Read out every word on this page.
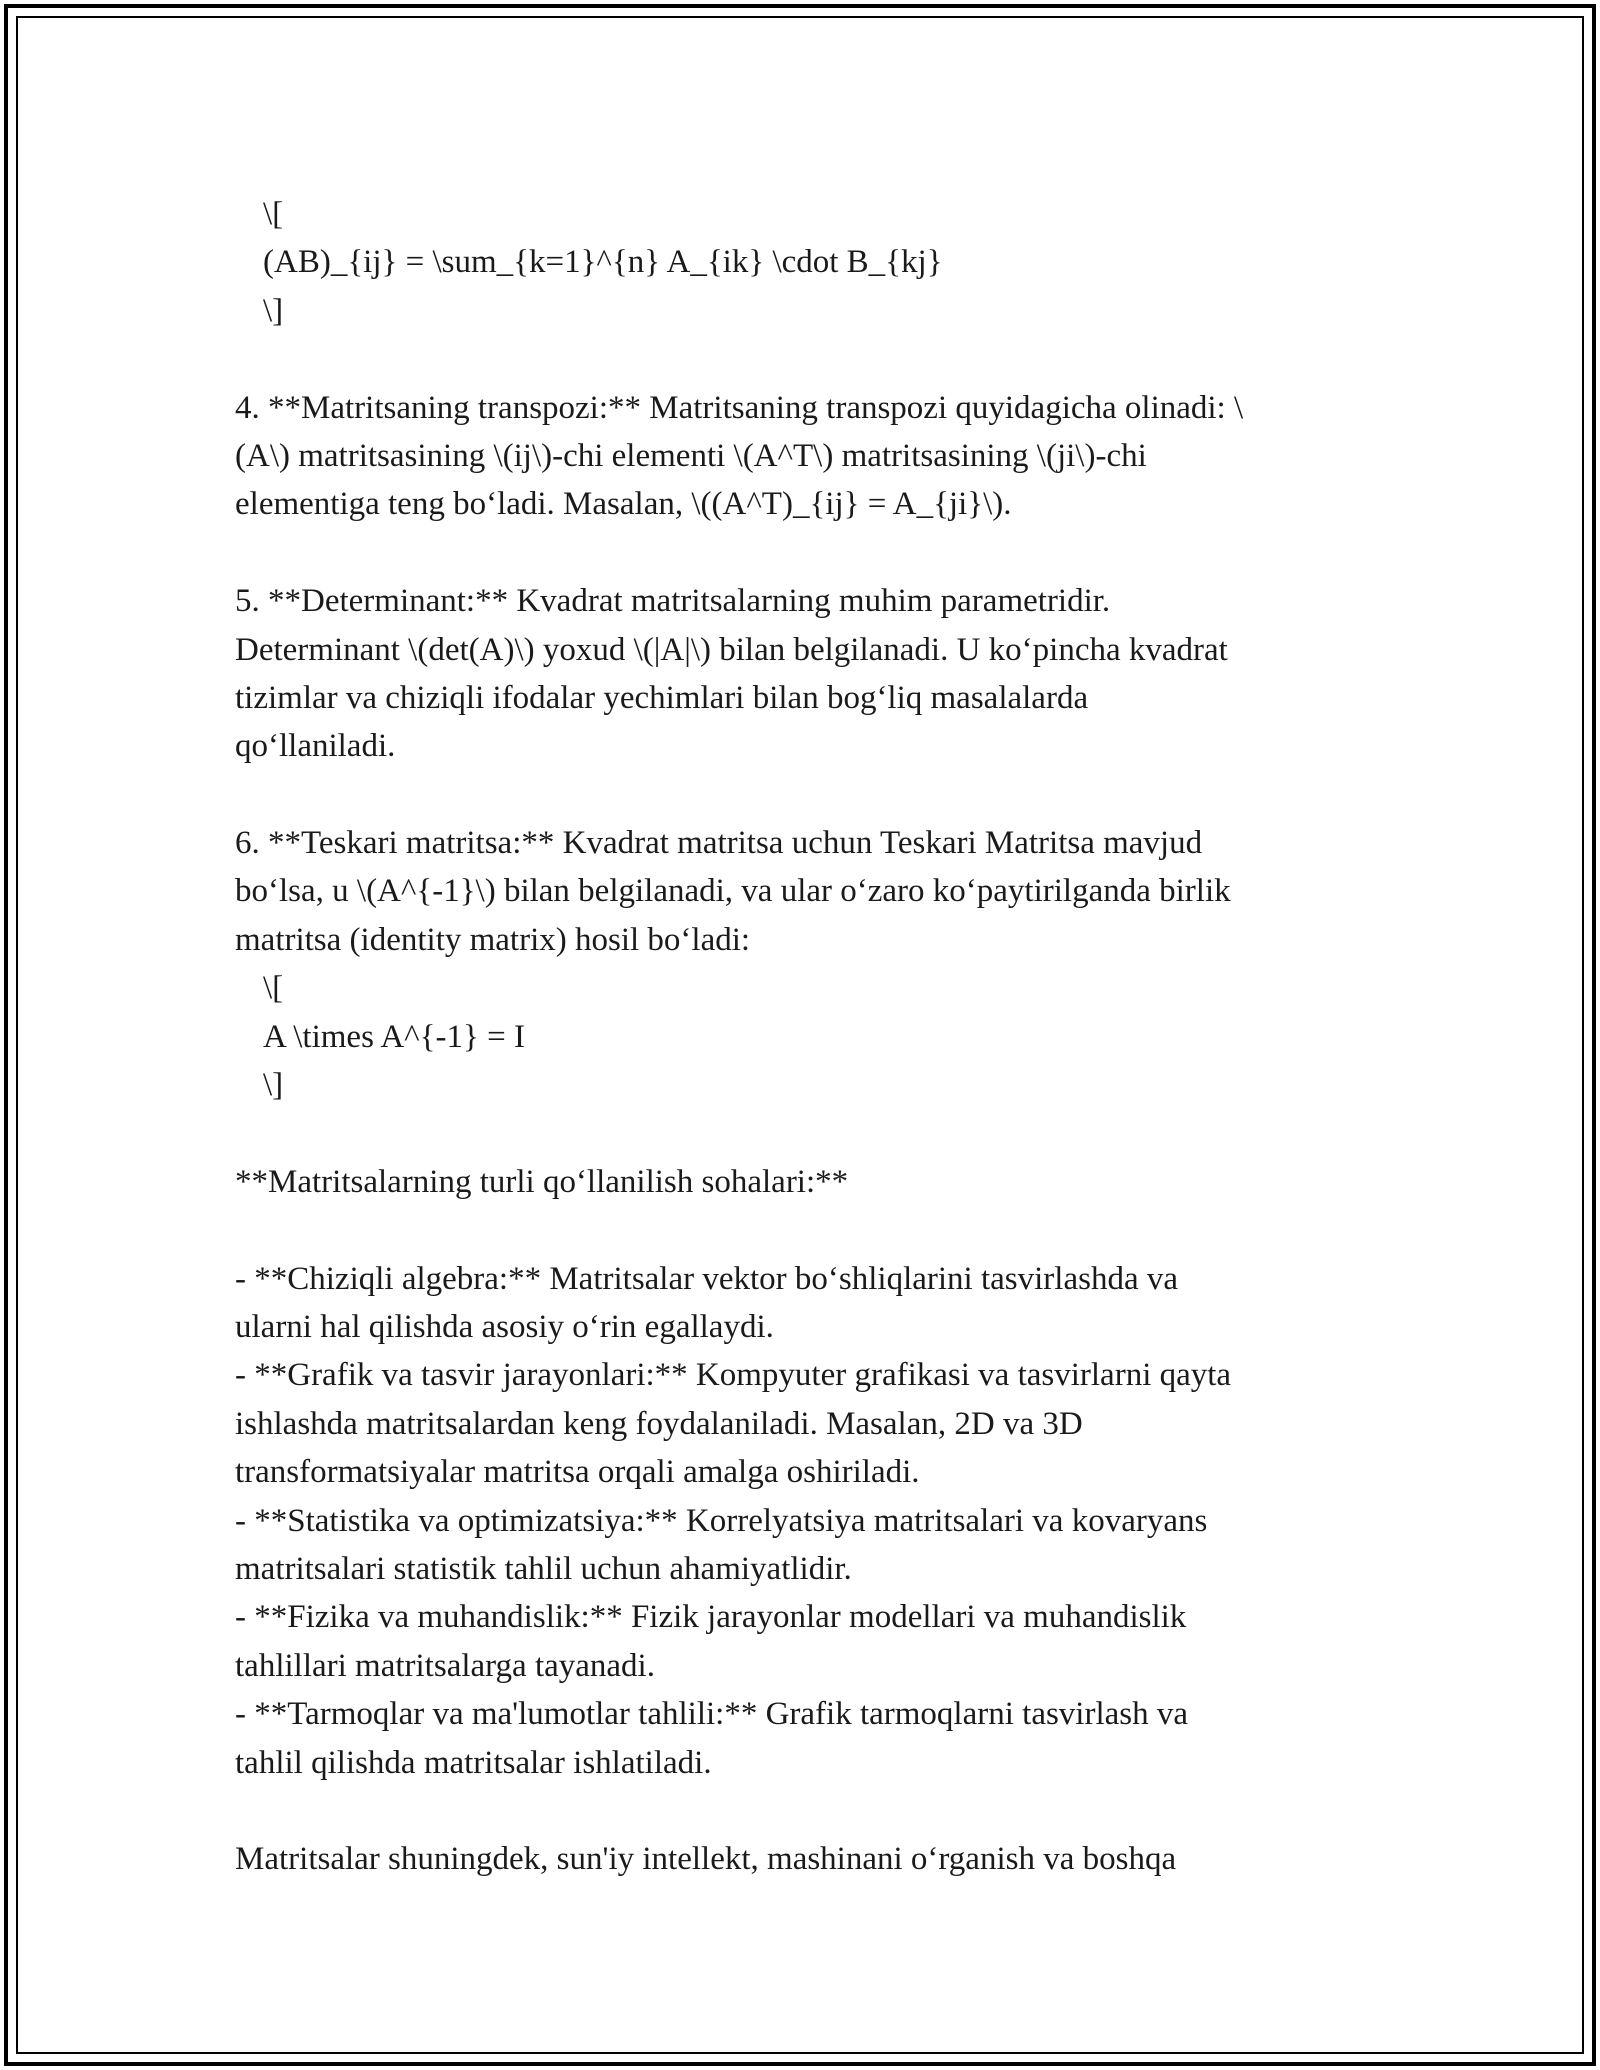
\[
(AB)_{ij} = \sum_{k=1}^{n} A_{ik} \cdot B_{kj}
\]
4. **Matritsaning transpozi:** Matritsaning transpozi quyidagicha olinadi: \
(A\) matritsasining \(ij\)-chi elementi \(A^T\) matritsasining \(ji\)-chi
elementiga teng bo‘ladi. Masalan, \((A^T)_{ij} = A_{ji}\).
5. **Determinant:** Kvadrat matritsalarning muhim parametridir.
Determinant \(det(A)\) yoxud \(|A|\) bilan belgilanadi. U ko‘pincha kvadrat
tizimlar va chiziqli ifodalar yechimlari bilan bog‘liq masalalarda
qo‘llaniladi.
6. **Teskari matritsa:** Kvadrat matritsa uchun Teskari Matritsa mavjud
bo‘lsa, u \(A^{-1}\) bilan belgilanadi, va ular o‘zaro ko‘paytirilganda birlik
matritsa (identity matrix) hosil bo‘ladi:
\[
A \times A^{-1} = I
\]
**Matritsalarning turli qo‘llanilish sohalari:**
- **Chiziqli algebra:** Matritsalar vektor bo‘shliqlarini tasvirlashda va
ularni hal qilishda asosiy o‘rin egallaydi.
- **Grafik va tasvir jarayonlari:** Kompyuter grafikasi va tasvirlarni qayta
ishlashda matritsalardan keng foydalaniladi. Masalan, 2D va 3D
transformatsiyalar matritsa orqali amalga oshiriladi.
- **Statistika va optimizatsiya:** Korrelyatsiya matritsalari va kovaryans
matritsalari statistik tahlil uchun ahamiyatlidir.
- **Fizika va muhandislik:** Fizik jarayonlar modellari va muhandislik
tahlillari matritsalarga tayanadi.
- **Tarmoqlar va ma'lumotlar tahlili:** Grafik tarmoqlarni tasvirlash va
tahlil qilishda matritsalar ishlatiladi.
Matritsalar shuningdek, sun'iy intellekt, mashinani o‘rganish va boshqa
